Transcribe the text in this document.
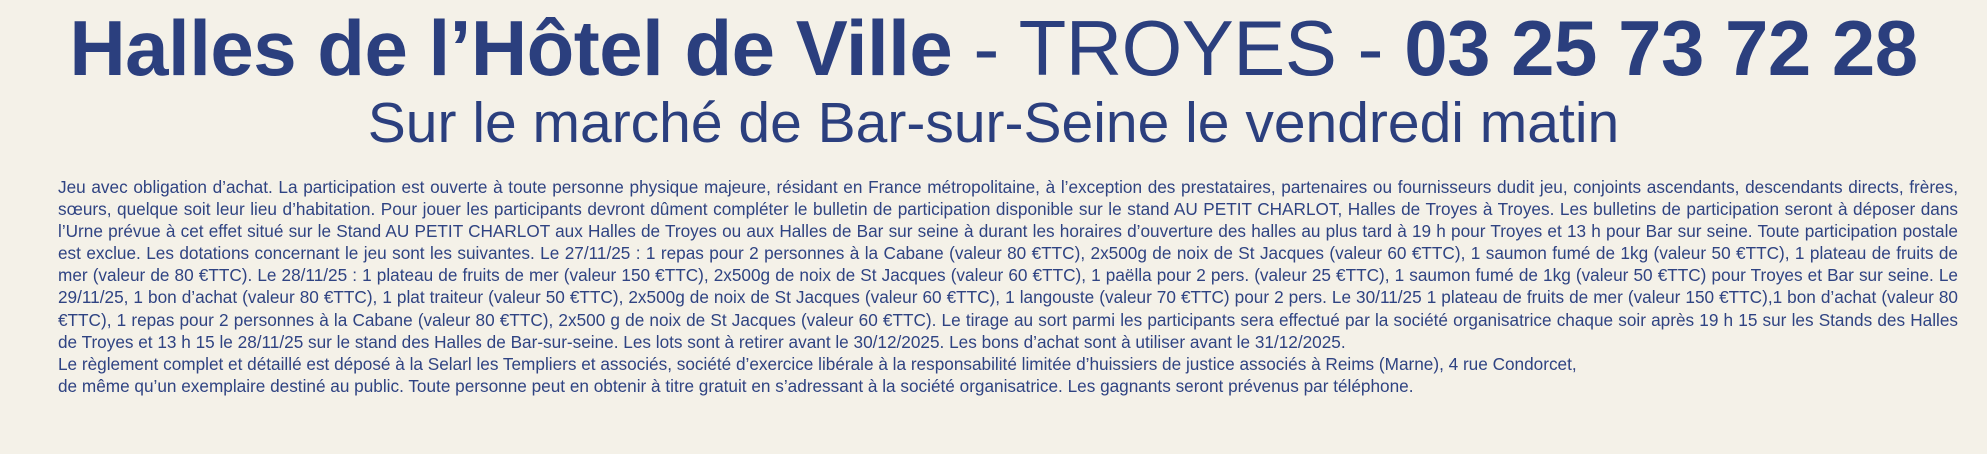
Halles de l’Hôtel de Ville - TROYES - 03 25 73 72 28
Sur le marché de Bar-sur-Seine le vendredi matin

Jeu avec obligation d’achat. La participation est ouverte à toute personne physique majeure, résidant en France métropolitaine, à l’exception des prestataires, partenaires ou fournisseurs dudit jeu, conjoints ascendants, descendants directs, frères, sœurs, quelque soit leur lieu d’habitation. Pour jouer les participants devront dûment compléter le bulletin de participation disponible sur le stand AU PETIT CHARLOT, Halles de Troyes à Troyes. Les bulletins de participation seront à déposer dans l’Urne prévue à cet effet situé sur le Stand AU PETIT CHARLOT aux Halles de Troyes ou aux Halles de Bar sur seine à durant les horaires d’ouverture des halles au plus tard à 19 h pour Troyes et 13 h pour Bar sur seine. Toute participation postale est exclue. Les dotations concernant le jeu sont les suivantes. Le 27/11/25 : 1 repas pour 2 personnes à la Cabane (valeur 80 €TTC), 2x500g de noix de St Jacques (valeur 60 €TTC), 1 saumon fumé de 1kg (valeur 50 €TTC), 1 plateau de fruits de mer (valeur de 80 €TTC). Le 28/11/25 : 1 plateau de fruits de mer (valeur 150 €TTC), 2x500g de noix de St Jacques (valeur 60 €TTC), 1 paëlla pour 2 pers. (valeur 25 €TTC), 1 saumon fumé de 1kg (valeur 50 €TTC) pour Troyes et Bar sur seine. Le 29/11/25, 1 bon d’achat (valeur 80 €TTC), 1 plat traiteur (valeur 50 €TTC), 2x500g de noix de St Jacques (valeur 60 €TTC), 1 langouste (valeur 70 €TTC) pour 2 pers. Le 30/11/25 1 plateau de fruits de mer (valeur 150 €TTC),1 bon d’achat (valeur 80 €TTC), 1 repas pour 2 personnes à la Cabane (valeur 80 €TTC), 2x500 g de noix de St Jacques (valeur 60 €TTC). Le tirage au sort parmi les participants sera effectué par la société organisatrice chaque soir après 19 h 15 sur les Stands des Halles de Troyes et 13 h 15 le 28/11/25 sur le stand des Halles de Bar-sur-seine. Les lots sont à retirer avant le 30/12/2025. Les bons d’achat sont à utiliser avant le 31/12/2025.

Le règlement complet et détaillé est déposé à la Selarl les Templiers et associés, société d’exercice libérale à la responsabilité limitée d’huissiers de justice associés à Reims (Marne), 4 rue Condorcet,
de même qu’un exemplaire destiné au public. Toute personne peut en obtenir à titre gratuit en s’adressant à la société organisatrice. Les gagnants seront prévenus par téléphone.
